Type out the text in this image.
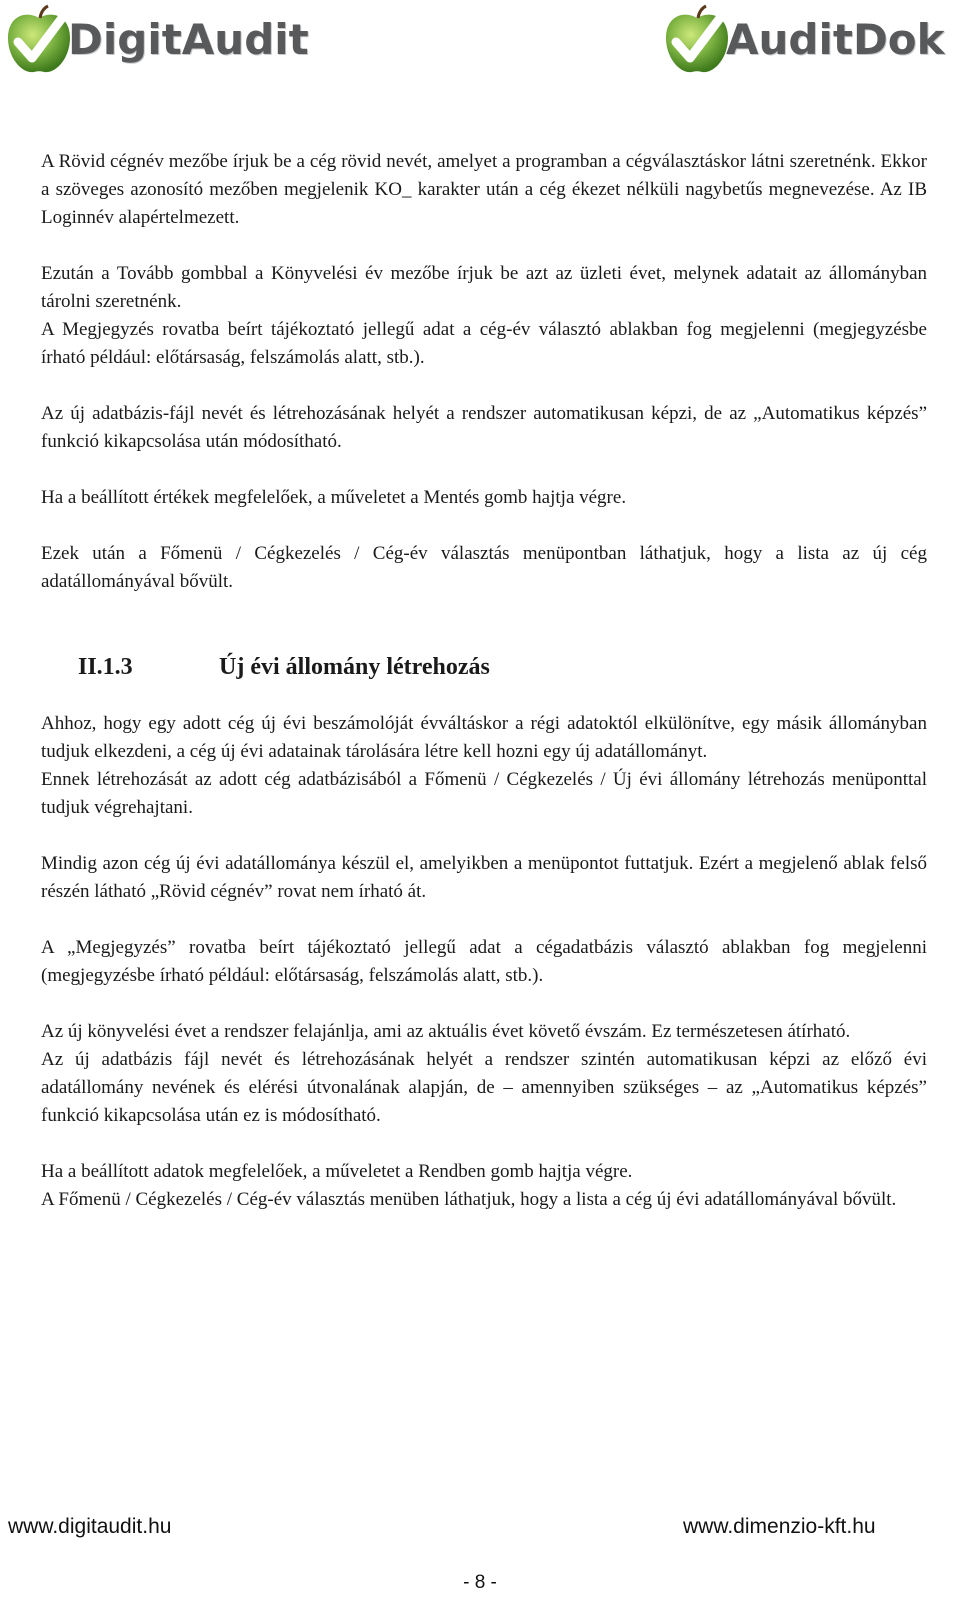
DigitAudit	AuditDok

A Rövid cégnév mezőbe írjuk be a cég rövid nevét, amelyet a programban a cégválasztáskor látni szeretnénk. Ekkor a szöveges azonosító mezőben megjelenik KO_ karakter után a cég ékezet nélküli nagybetűs megnevezése. Az IB Loginnév alapértelmezett.

Ezután a Tovább gombbal a Könyvelési év mezőbe írjuk be azt az üzleti évet, melynek adatait az állományban tárolni szeretnénk.

A Megjegyzés rovatba beírt tájékoztató jellegű adat a cég-év választó ablakban fog megjelenni (megjegyzésbe írható például: előtársaság, felszámolás alatt, stb.).

Az új adatbázis-fájl nevét és létrehozásának helyét a rendszer automatikusan képzi, de az „Automatikus képzés” funkció kikapcsolása után módosítható.

Ha a beállított értékek megfelelőek, a műveletet a Mentés gomb hajtja végre.

Ezek után a Főmenü / Cégkezelés / Cég-év választás menüpontban láthatjuk, hogy a lista az új cég adatállományával bővült.

II.1.3	Új évi állomány létrehozás

Ahhoz, hogy egy adott cég új évi beszámolóját évváltáskor a régi adatoktól elkülönítve, egy másik állományban tudjuk elkezdeni, a cég új évi adatainak tárolására létre kell hozni egy új adatállományt.

Ennek létrehozását az adott cég adatbázisából a Főmenü / Cégkezelés / Új évi állomány létrehozás menüponttal tudjuk végrehajtani.

Mindig azon cég új évi adatállománya készül el, amelyikben a menüpontot futtatjuk. Ezért a megjelenő ablak felső részén látható „Rövid cégnév” rovat nem írható át.

A „Megjegyzés” rovatba beírt tájékoztató jellegű adat a cégadatbázis választó ablakban fog megjelenni (megjegyzésbe írható például: előtársaság, felszámolás alatt, stb.).

Az új könyvelési évet a rendszer felajánlja, ami az aktuális évet követő évszám. Ez természetesen átírható.

Az új adatbázis fájl nevét és létrehozásának helyét a rendszer szintén automatikusan képzi az előző évi adatállomány nevének és elérési útvonalának alapján, de – amennyiben szükséges – az „Automatikus képzés” funkció kikapcsolása után ez is módosítható.

Ha a beállított adatok megfelelőek, a műveletet a Rendben gomb hajtja végre.

A Főmenü / Cégkezelés / Cég-év választás menüben láthatjuk, hogy a lista a cég új évi adatállományával bővült.

www.digitaudit.hu	www.dimenzio-kft.hu
- 8 -
